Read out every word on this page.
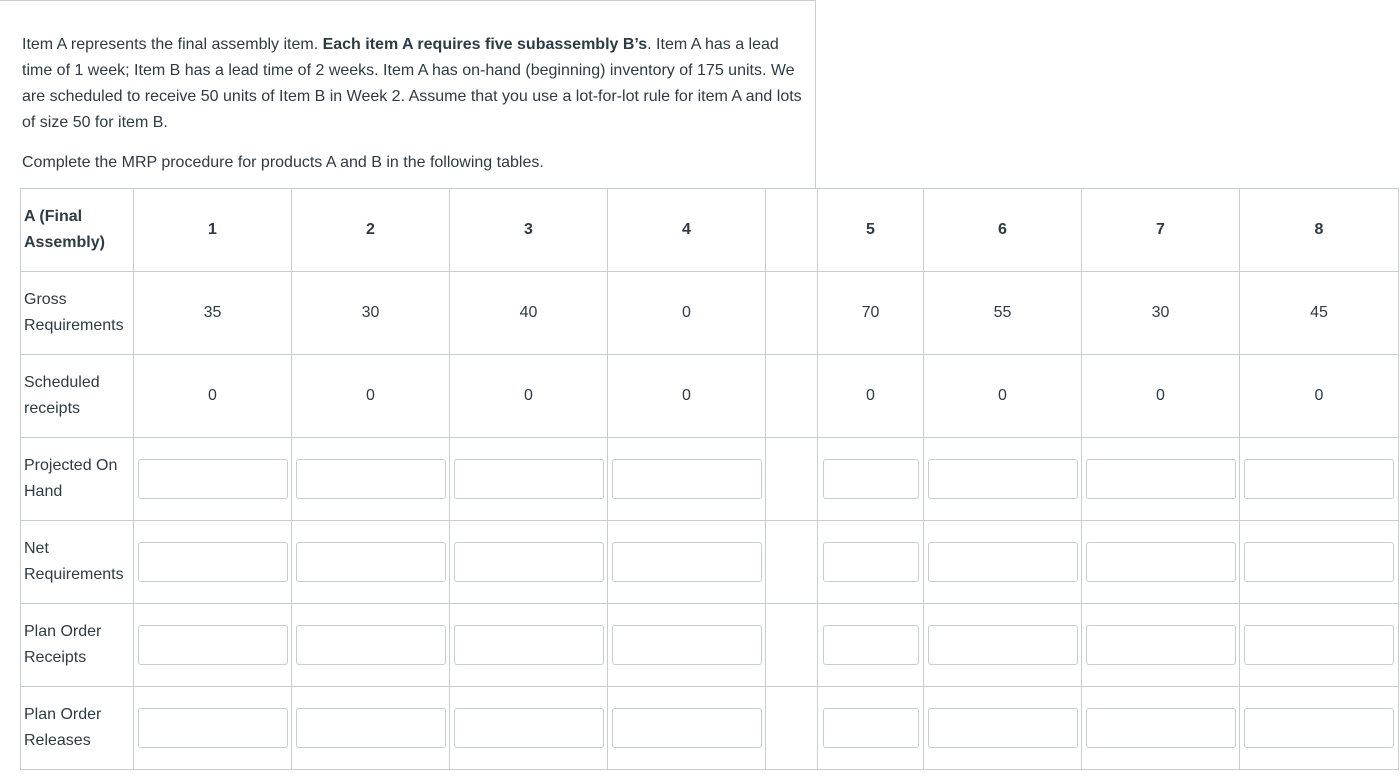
Item A represents the final assembly item. Each item A requires five subassembly B’s. Item A has a lead time of 1 week; Item B has a lead time of 2 weeks. Item A has on-hand (beginning) inventory of 175 units. We are scheduled to receive 50 units of Item B in Week 2. Assume that you use a lot-for-lot rule for item A and lots of size 50 for item B.

Complete the MRP procedure for products A and B in the following tables.

A (Final Assembly)	1	2	3	4		5	6	7	8
Gross Requirements	35	30	40	0		70	55	30	45
Scheduled receipts	0	0	0	0		0	0	0	0
Projected On Hand	

Net Requirements	

Plan Order Receipts	

Plan Order Releases	
